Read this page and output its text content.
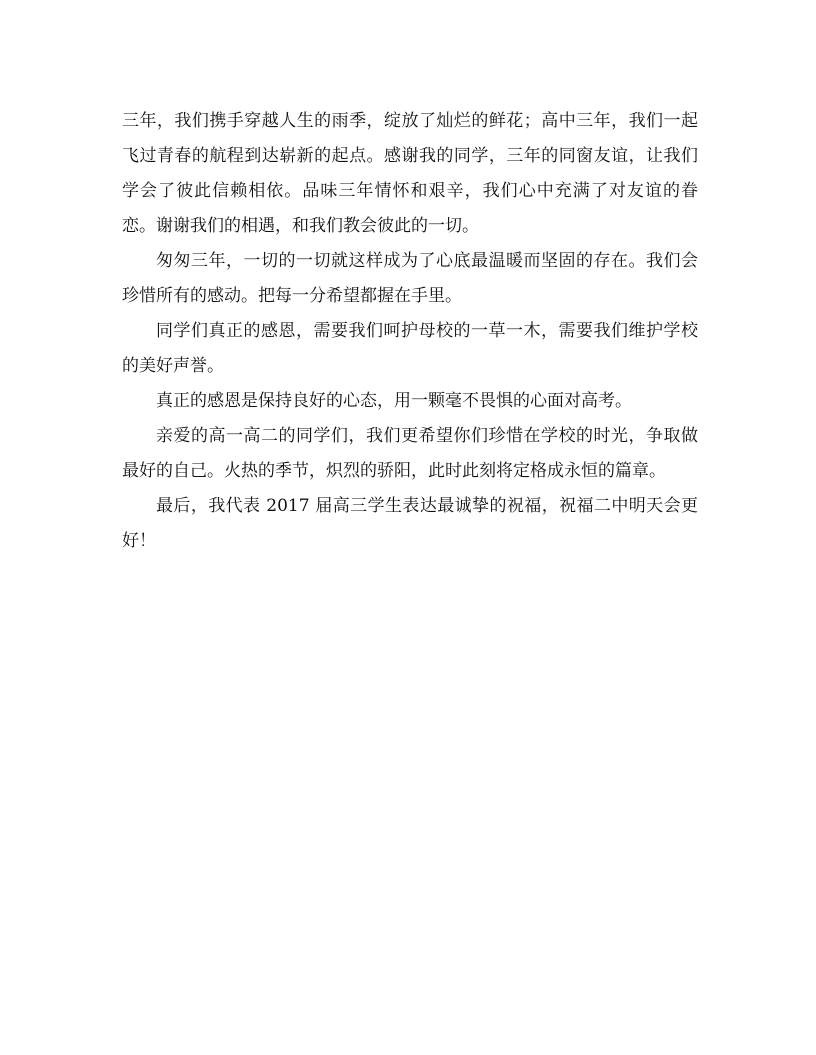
三年，我们携手穿越人生的雨季，绽放了灿烂的鲜花；高中三年，我们一起飞过青春的航程到达崭新的起点。感谢我的同学，三年的同窗友谊，让我们学会了彼此信赖相依。品味三年情怀和艰辛，我们心中充满了对友谊的眷恋。谢谢我们的相遇，和我们教会彼此的一切。

匆匆三年，一切的一切就这样成为了心底最温暖而坚固的存在。我们会珍惜所有的感动。把每一分希望都握在手里。

同学们真正的感恩，需要我们呵护母校的一草一木，需要我们维护学校的美好声誉。

真正的感恩是保持良好的心态，用一颗毫不畏惧的心面对高考。

亲爱的高一高二的同学们，我们更希望你们珍惜在学校的时光，争取做最好的自己。火热的季节，炽烈的骄阳，此时此刻将定格成永恒的篇章。

最后，我代表 2017 届高三学生表达最诚挚的祝福，祝福二中明天会更好！
